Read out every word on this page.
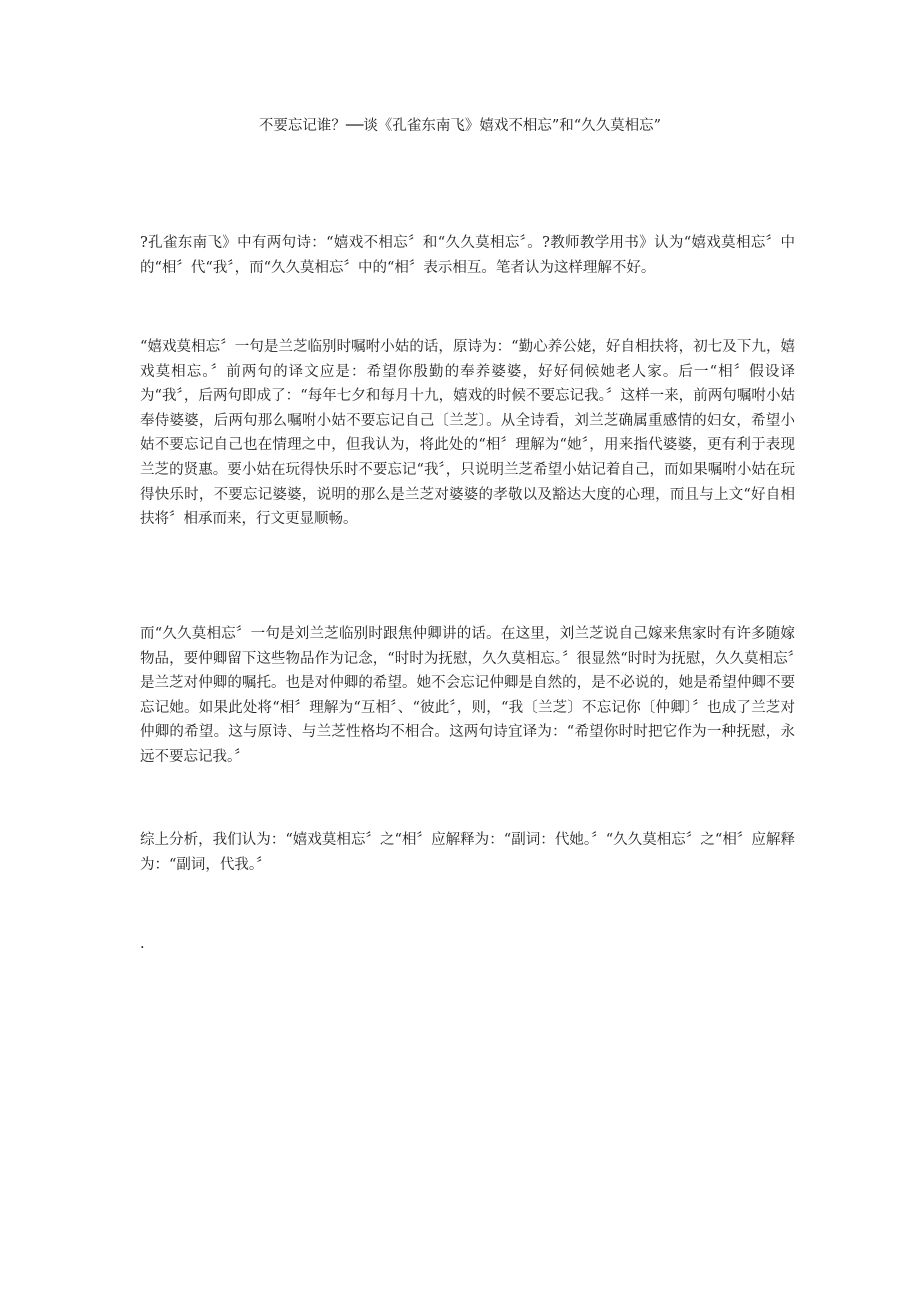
不要忘记谁？──谈《孔雀东南飞》嬉戏不相忘”和“久久莫相忘”

?孔雀东南飞》中有两句诗：“嬉戏不相忘〞和“久久莫相忘〞。?教师教学用书》认为“嬉戏莫相忘〞中的“相〞代“我〞，而“久久莫相忘〞中的“相〞表示相互。笔者认为这样理解不好。

“嬉戏莫相忘〞一句是兰芝临别时嘱咐小姑的话，原诗为：“勤心养公姥，好自相扶将，初七及下九，嬉戏莫相忘。〞前两句的译文应是：希望你殷勤的奉养婆婆，好好伺候她老人家。后一“相〞假设译为“我〞，后两句即成了：“每年七夕和每月十九，嬉戏的时候不要忘记我。〞这样一来，前两句嘱咐小姑奉侍婆婆，后两句那么嘱咐小姑不要忘记自己〔兰芝〕。从全诗看，刘兰芝确属重感情的妇女，希望小姑不要忘记自己也在情理之中，但我认为，将此处的“相〞理解为“她〞，用来指代婆婆，更有利于表现兰芝的贤惠。要小姑在玩得快乐时不要忘记“我〞，只说明兰芝希望小姑记着自己，而如果嘱咐小姑在玩得快乐时，不要忘记婆婆，说明的那么是兰芝对婆婆的孝敬以及豁达大度的心理，而且与上文“好自相扶将〞相承而来，行文更显顺畅。

而“久久莫相忘〞一句是刘兰芝临别时跟焦仲卿讲的话。在这里，刘兰芝说自己嫁来焦家时有许多随嫁物品，要仲卿留下这些物品作为记念，“时时为抚慰，久久莫相忘。〞很显然“时时为抚慰，久久莫相忘〞是兰芝对仲卿的嘱托。也是对仲卿的希望。她不会忘记仲卿是自然的，是不必说的，她是希望仲卿不要忘记她。如果此处将“相〞理解为“互相〞、“彼此〞，则，“我〔兰芝〕不忘记你〔仲卿〕〞也成了兰芝对仲卿的希望。这与原诗、与兰芝性格均不相合。这两句诗宜译为：“希望你时时把它作为一种抚慰，永远不要忘记我。〞

综上分析，我们认为：“嬉戏莫相忘〞之“相〞应解释为：“副词：代她。〞“久久莫相忘〞之“相〞应解释为：“副词，代我。〞

.
